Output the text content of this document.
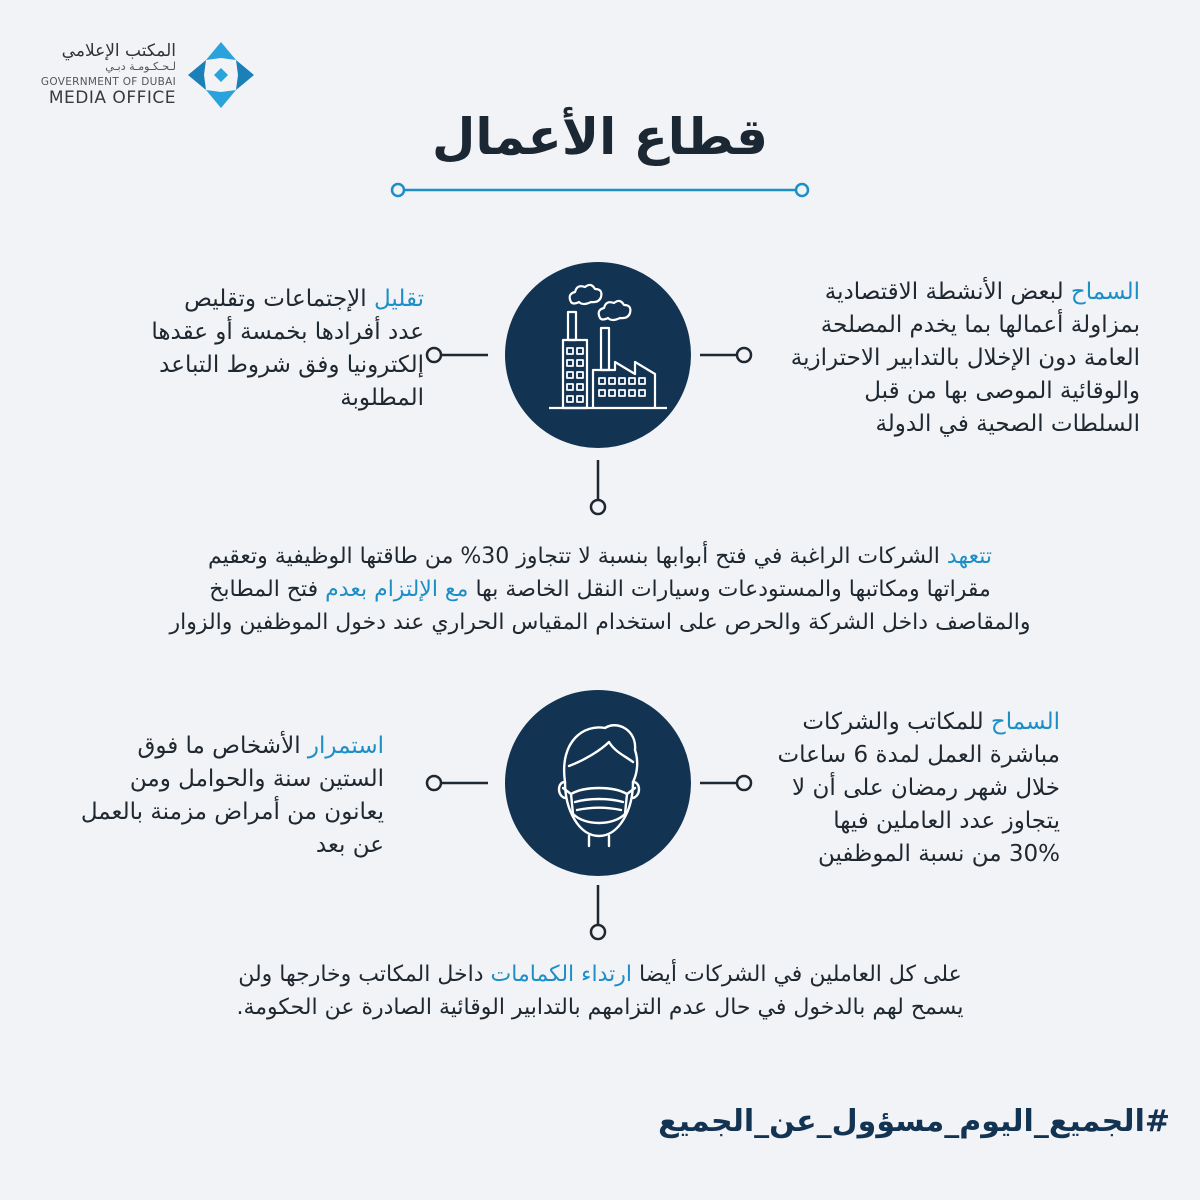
المكتب الإعلامي
لـحـكـومـة دبـي
GOVERNMENT OF DUBAI
MEDIA OFFICE
قطاع الأعمال
السماح لبعض الأنشطة الاقتصادية
بمزاولة أعمالها بما يخدم المصلحة
العامة دون الإخلال بالتدابير الاحترازية
والوقائية الموصى بها من قبل
السلطات الصحية في الدولة
تقليل الإجتماعات وتقليص
عدد أفرادها بخمسة أو عقدها
إلكترونيا وفق شروط التباعد
المطلوبة
تتعهد الشركات الراغبة في فتح أبوابها بنسبة لا تتجاوز 30% من طاقتها الوظيفية وتعقيم
مقراتها ومكاتبها والمستودعات وسيارات النقل الخاصة بها مع الإلتزام بعدم فتح المطابخ
والمقاصف داخل الشركة والحرص على استخدام المقياس الحراري عند دخول الموظفين والزوار
السماح للمكاتب والشركات
مباشرة العمل لمدة 6 ساعات
خلال شهر رمضان على أن لا
يتجاوز عدد العاملين فيها
30% من نسبة الموظفين
استمرار الأشخاص ما فوق
الستين سنة والحوامل ومن
يعانون من أمراض مزمنة بالعمل
عن بعد
على كل العاملين في الشركات أيضا ارتداء الكمامات داخل المكاتب وخارجها ولن
يسمح لهم بالدخول في حال عدم التزامهم بالتدابير الوقائية الصادرة عن الحكومة.
#الجميع_اليوم_مسؤول_عن_الجميع
